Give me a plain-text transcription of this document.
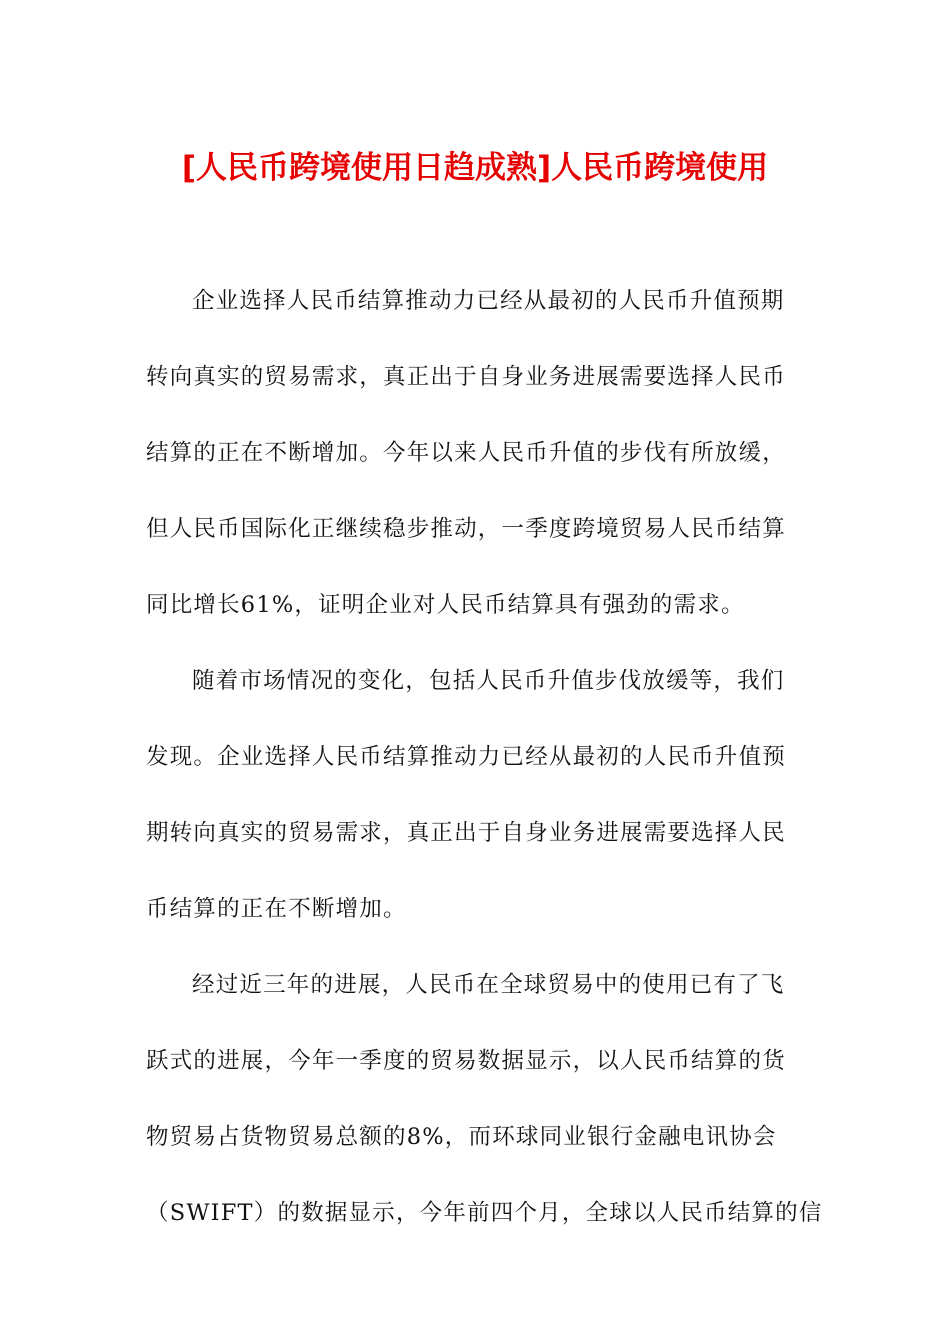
[人民币跨境使用日趋成熟]人民币跨境使用
企业选择人民币结算推动力已经从最初的人民币升值预期
转向真实的贸易需求，真正出于自身业务进展需要选择人民币
结算的正在不断增加。今年以来人民币升值的步伐有所放缓，
但人民币国际化正继续稳步推动，一季度跨境贸易人民币结算
同比增长61%，证明企业对人民币结算具有强劲的需求。
随着市场情况的变化，包括人民币升值步伐放缓等，我们
发现。企业选择人民币结算推动力已经从最初的人民币升值预
期转向真实的贸易需求，真正出于自身业务进展需要选择人民
币结算的正在不断增加。
经过近三年的进展，人民币在全球贸易中的使用已有了飞
跃式的进展，今年一季度的贸易数据显示，以人民币结算的货
物贸易占货物贸易总额的8%，而环球同业银行金融电讯协会
（SWIFT）的数据显示，今年前四个月，全球以人民币结算的信
